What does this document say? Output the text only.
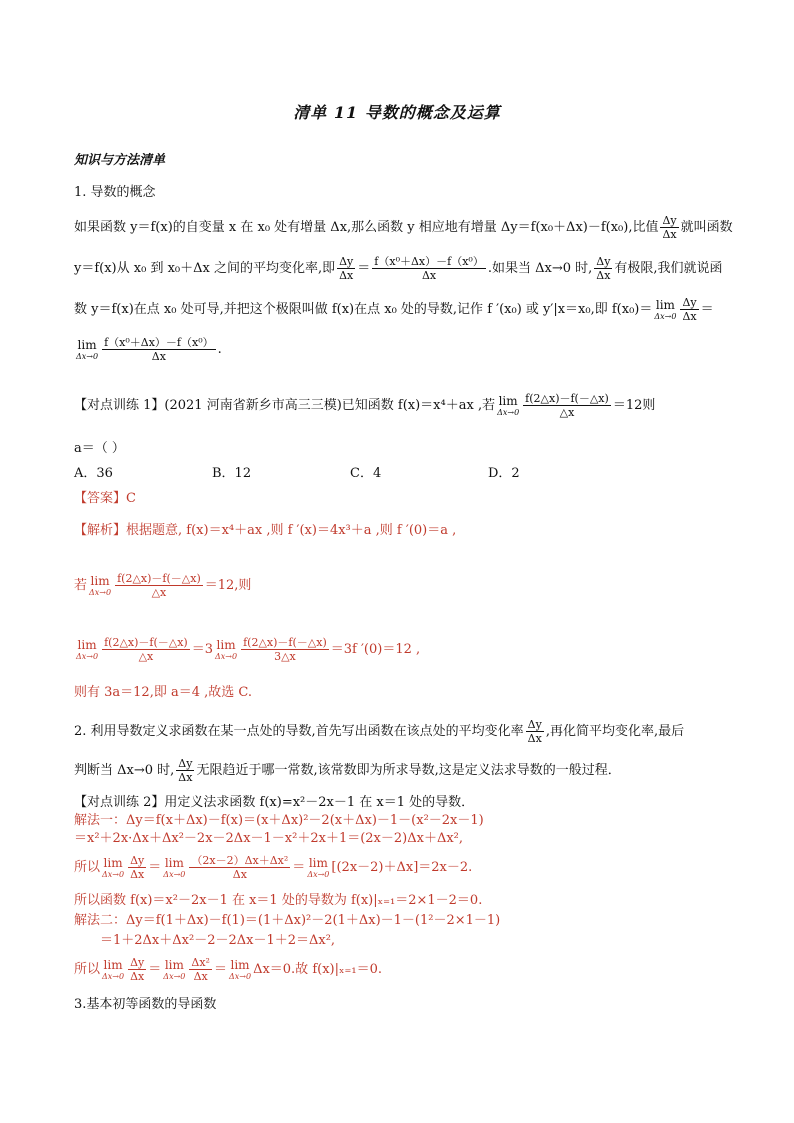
清单 11 导数的概念及运算
知识与方法清单
1. 导数的概念
如果函数 y＝f(x)的自变量 x 在 x₀ 处有增量 Δx,那么函数 y 相应地有增量 Δy＝f(x₀＋Δx)－f(x₀),比值 $\frac{\Delta y}{\Delta x}$ 就叫函数
y＝f(x)从 x₀ 到 x₀＋Δx 之间的平均变化率,即 $\frac{\Delta y}{\Delta x} = \frac{\text{f（x⁰＋Δx）－f（x⁰）}}{\Delta x}$ .如果当 Δx→0 时, $\frac{\Delta y}{\Delta x}$ 有极限,我们就说函
数 y＝f(x)在点 x₀ 处可导,并把这个极限叫做 f(x)在点 x₀ 处的导数,记作 f ′(x₀) 或 y′|x＝x₀,即 f(x₀)＝ lim
$\Delta x\to 0 \frac{\Delta y}{\Delta x}$ ＝
lim
$\Delta x\to 0 \frac{\text{f（x⁰＋Δx）－f（x⁰）}}{\Delta x}$ .
【对点训练 1】(2021 河南省新乡市高三三模)已知函数 f(x)＝x⁴＋ax ,若 lim
$\Delta x\to 0 \frac{f(2\triangle x)-f(-\triangle x)}{\triangle x} =12$则
a＝（ ）
A．36	B．12	C．4	D．2
【答案】C
【解析】根据题意, f(x)＝x⁴＋ax ,则 f ′(x)＝4x³＋a ,则 f ′(0)＝a ,
若 lim
$\Delta x\to 0 \frac{f(2\triangle x)-f(-\triangle x)}{\triangle x} =12$,则
lim
$\Delta x\to 0 \frac{f(2\triangle x)-f(-\triangle x)}{\triangle x} =3$ lim
$\Delta x\to 0 \frac{f(2\triangle x)-f(-\triangle x)}{3\triangle x} =3f$ ′(0)＝12 ,
则有 3a＝12,即 a＝4 ,故选 C.
2. 利用导数定义求函数在某一点处的导数,首先写出函数在该点处的平均变化率 $\frac{\Delta y}{\Delta x}$ ,再化简平均变化率,最后
判断当 Δx→0 时, $\frac{\Delta y}{\Delta x}$ 无限趋近于哪一常数,该常数即为所求导数,这是定义法求导数的一般过程．
【对点训练 2】用定义法求函数 f(x)=x²－2x－1 在 x＝1 处的导数．
解法一：Δy＝f(x＋Δx)－f(x)＝(x＋Δx)²－2(x＋Δx)－1－(x²－2x－1)
＝x²＋2x·Δx＋Δx²－2x－2Δx－1－x²＋2x＋1＝(2x－2)Δx＋Δx²,
所以 lim
$\Delta x\to 0 \frac{\Delta y}{\Delta x} = \lim$
$\Delta x\to 0 \frac{\text{（2x－2）Δx＋Δx²}}{\Delta x} = \lim$
Δx→0 [(2x－2)＋Δx]＝2x－2.
所以函数 f(x)＝x²－2x－1 在 x＝1 处的导数为 f(x)|ₓ₌₁＝2×1－2＝0.
解法二：Δy＝f(1＋Δx)－f(1)＝(1＋Δx)²－2(1＋Δx)－1－(1²－2×1－1)
＝1＋2Δx＋Δx²－2－2Δx－1＋2＝Δx²,
所以 lim
$\Delta x\to 0 \frac{\Delta y}{\Delta x} = \lim$
$\Delta x\to 0 \frac{\text{Δx²}}{\Delta x} = \lim$
Δx→0 Δx＝0.故 f(x)|ₓ₌₁＝0.
3.基本初等函数的导函数
